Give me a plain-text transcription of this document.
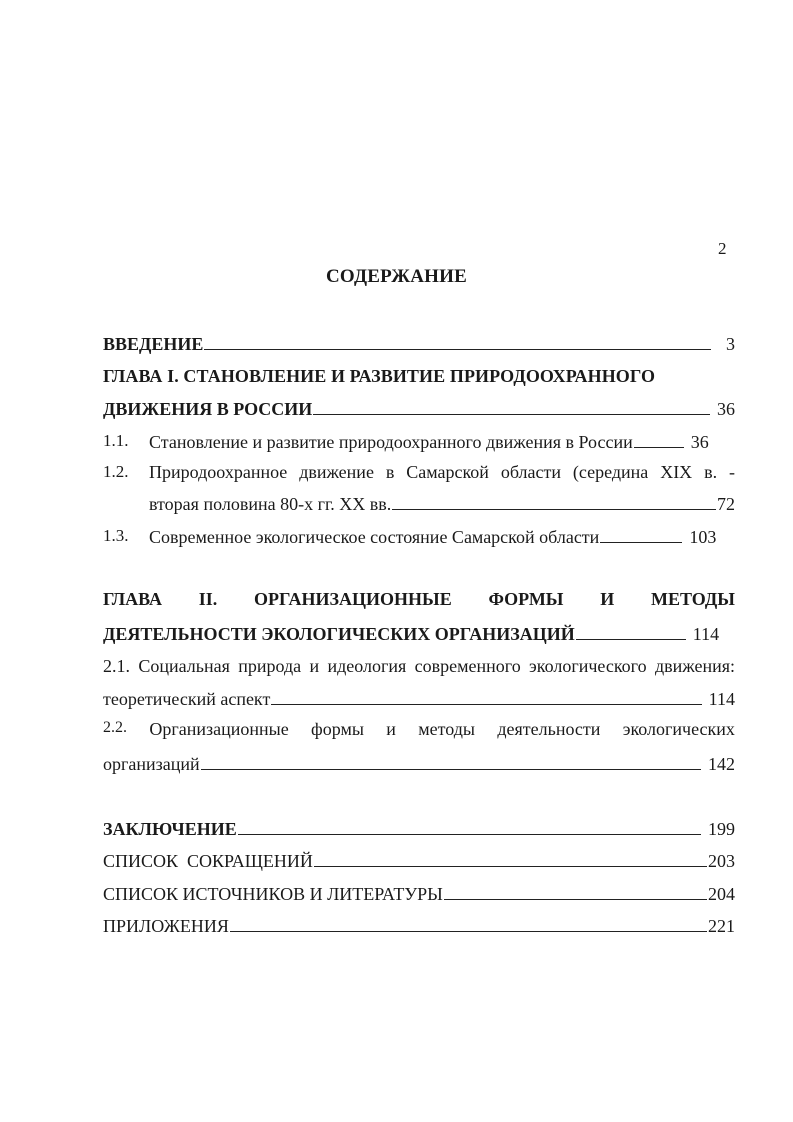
2
СОДЕРЖАНИЕ
ВВЕДЕНИЕ	3
ГЛАВА I. СТАНОВЛЕНИЕ И РАЗВИТИЕ ПРИРОДООХРАННОГО
ДВИЖЕНИЯ В РОССИИ	36
1.1. Становление и развитие природоохранного движения в России	36
1.2. Природоохранное движение в Самарской области (середина XIX в. -
вторая половина 80-х гг. XX вв.	72
1.3. Современное экологическое состояние Самарской области	103
ГЛАВА II. ОРГАНИЗАЦИОННЫЕ ФОРМЫ И МЕТОДЫ
ДЕЯТЕЛЬНОСТИ ЭКОЛОГИЧЕСКИХ ОРГАНИЗАЦИЙ	114
2.1. Социальная природа и идеология современного экологического движения:
теоретический аспект	114
2.2. Организационные формы и методы деятельности экологических
организаций	142
ЗАКЛЮЧЕНИЕ	199
СПИСОК  СОКРАЩЕНИЙ	203
СПИСОК ИСТОЧНИКОВ И ЛИТЕРАТУРЫ	204
ПРИЛОЖЕНИЯ	221
